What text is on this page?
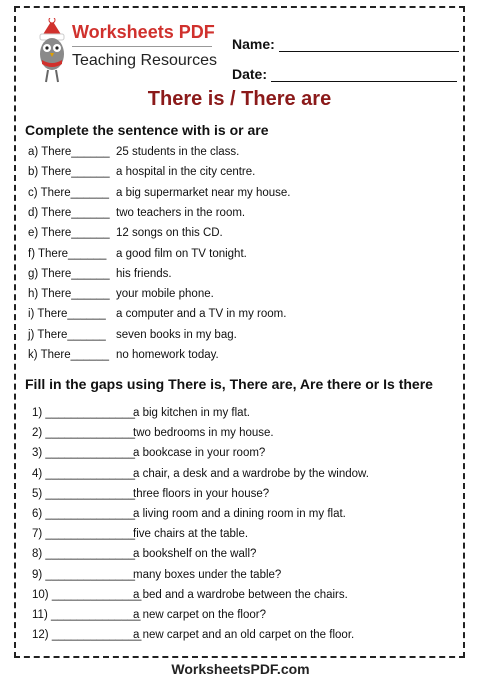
Worksheets PDF
Teaching Resources
Name:
Date:
There is / There are
Complete the sentence with is or are
a) There______ 25 students in the class.
b) There______ a hospital in the city centre.
c) There______ a big supermarket near my house.
d) There______ two teachers in the room.
e) There______ 12 songs on this CD.
f) There______ a good film on TV tonight.
g) There______ his friends.
h) There______ your mobile phone.
i) There______ a computer and a TV in my room.
j) There______ seven books in my bag.
k) There______ no homework today.
Fill in the gaps using There is, There are, Are there or Is there
1) ______________
a big kitchen in my flat.
2) ______________
two bedrooms in my house.
3) ______________
a bookcase in your room?
4) ______________
a chair, a desk and a wardrobe by the window.
5) ______________
three floors in your house?
6) ______________
a living room and a dining room in my flat.
7) ______________
five chairs at the table.
8) ______________
a bookshelf on the wall?
9) ______________
many boxes under the table?
10) ______________
a bed and a wardrobe between the chairs.
11) ______________
a new carpet on the floor?
12) ______________
a new carpet and an old carpet on the floor.
WorksheetsPDF.com
